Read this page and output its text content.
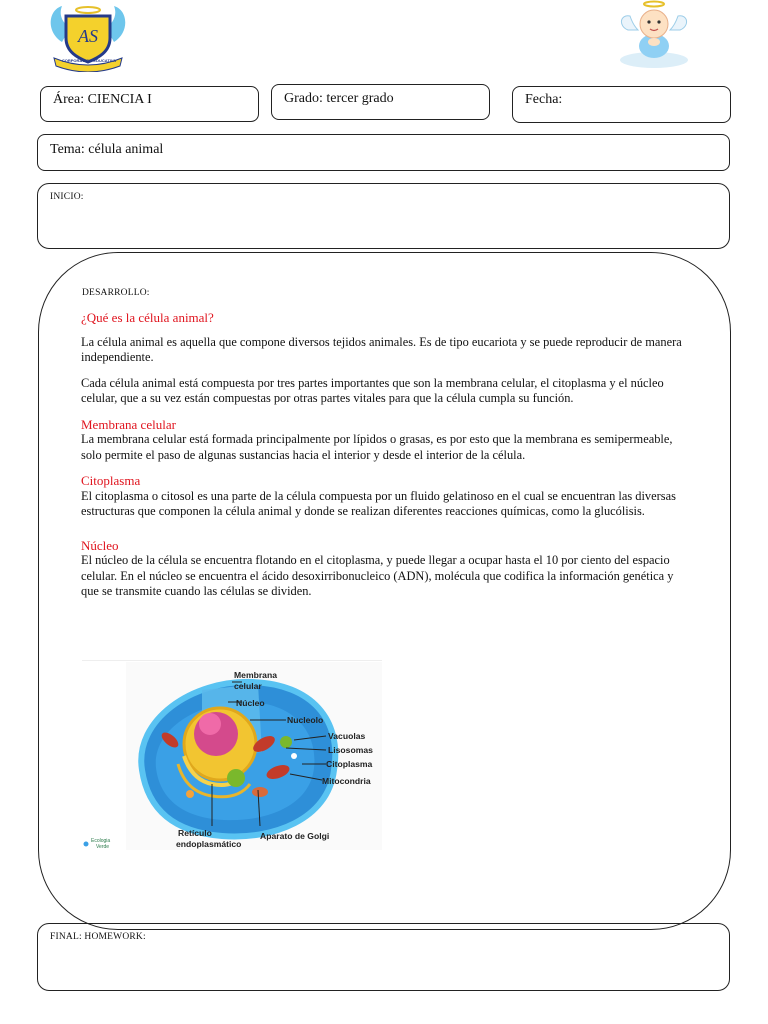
AS
CORPORACION EDUCATIVA
Área: CIENCIA I	Grado: tercer grado	Fecha:
Tema: célula animal
INICIO:
DESARROLLO:

¿Qué es la célula animal?

La célula animal es aquella que compone diversos tejidos animales. Es de tipo eucariota y se puede reproducir de manera independiente.

Cada célula animal está compuesta por tres partes importantes que son la membrana celular, el citoplasma y el núcleo celular, que a su vez están compuestas por otras partes vitales para que la célula cumpla su función.

Membrana celular

La membrana celular está formada principalmente por lípidos o grasas, es por esto que la membrana es semipermeable, solo permite el paso de algunas sustancias hacia el interior y desde el interior de la célula.

Citoplasma

El citoplasma o citosol es una parte de la célula compuesta por un fluido gelatinoso en el cual se encuentran las diversas estructuras que componen la célula animal y donde se realizan diferentes reacciones químicas, como la glucólisis.

Núcleo

El núcleo de la célula se encuentra flotando en el citoplasma, y puede llegar a ocupar hasta el 10 por ciento del espacio celular. En el núcleo se encuentra el ácido desoxirribonucleico (ADN), molécula que codifica la información genética y que se transmite cuando las células se dividen.

Membrana
celular
Núcleo
Nucleolo
Vacuolas
Lisosomas
Citoplasma
Mitocondria
Retículo
endoplasmático
Aparato de Golgi
Ecologia
Verde
FINAL: HOMEWORK:
